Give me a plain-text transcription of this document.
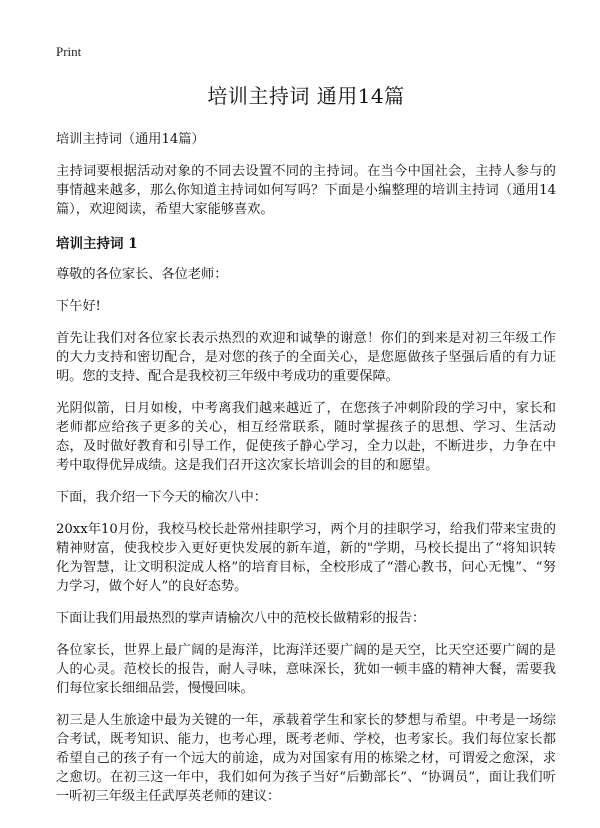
Print
培训主持词 通用14篇

培训主持词（通用14篇）

主持词要根据活动对象的不同去设置不同的主持词。在当今中国社会，主持人参与的事情越来越多，那么你知道主持词如何写吗？下面是小编整理的培训主持词（通用14篇），欢迎阅读，希望大家能够喜欢。

培训主持词 1

尊敬的各位家长、各位老师：

下午好!

首先让我们对各位家长表示热烈的欢迎和诚挚的谢意！你们的到来是对初三年级工作的大力支持和密切配合，是对您的孩子的全面关心，是您愿做孩子坚强后盾的有力证明。您的支持、配合是我校初三年级中考成功的重要保障。

光阴似箭，日月如梭，中考离我们越来越近了，在您孩子冲刺阶段的学习中，家长和老师都应给孩子更多的关心，相互经常联系，随时掌握孩子的思想、学习、生活动态，及时做好教育和引导工作，促使孩子静心学习，全力以赴，不断进步，力争在中考中取得优异成绩。这是我们召开这次家长培训会的目的和愿望。

下面，我介绍一下今天的榆次八中：

20xx年10月份，我校马校长赴常州挂职学习，两个月的挂职学习，给我们带来宝贵的精神财富，使我校步入更好更快发展的新车道，新的"学期，马校长提出了“将知识转化为智慧，让文明积淀成人格”的培育目标，全校形成了“潜心教书，问心无愧”、“努力学习，做个好人”的良好态势。

下面让我们用最热烈的掌声请榆次八中的范校长做精彩的报告：

各位家长，世界上最广阔的是海洋，比海洋还要广阔的是天空，比天空还要广阔的是人的心灵。范校长的报告，耐人寻味，意味深长，犹如一顿丰盛的精神大餐，需要我们每位家长细细品尝，慢慢回味。

初三是人生旅途中最为关键的一年，承载着学生和家长的梦想与希望。中考是一场综合考试，既考知识、能力，也考心理，既考老师、学校，也考家长。我们每位家长都希望自己的孩子有一个远大的前途，成为对国家有用的栋梁之材，可谓爱之愈深，求之愈切。在初三这一年中，我们如何为孩子当好“后勤部长”、“协调员”，面让我们听一听初三年级主任武厚英老师的建议：
